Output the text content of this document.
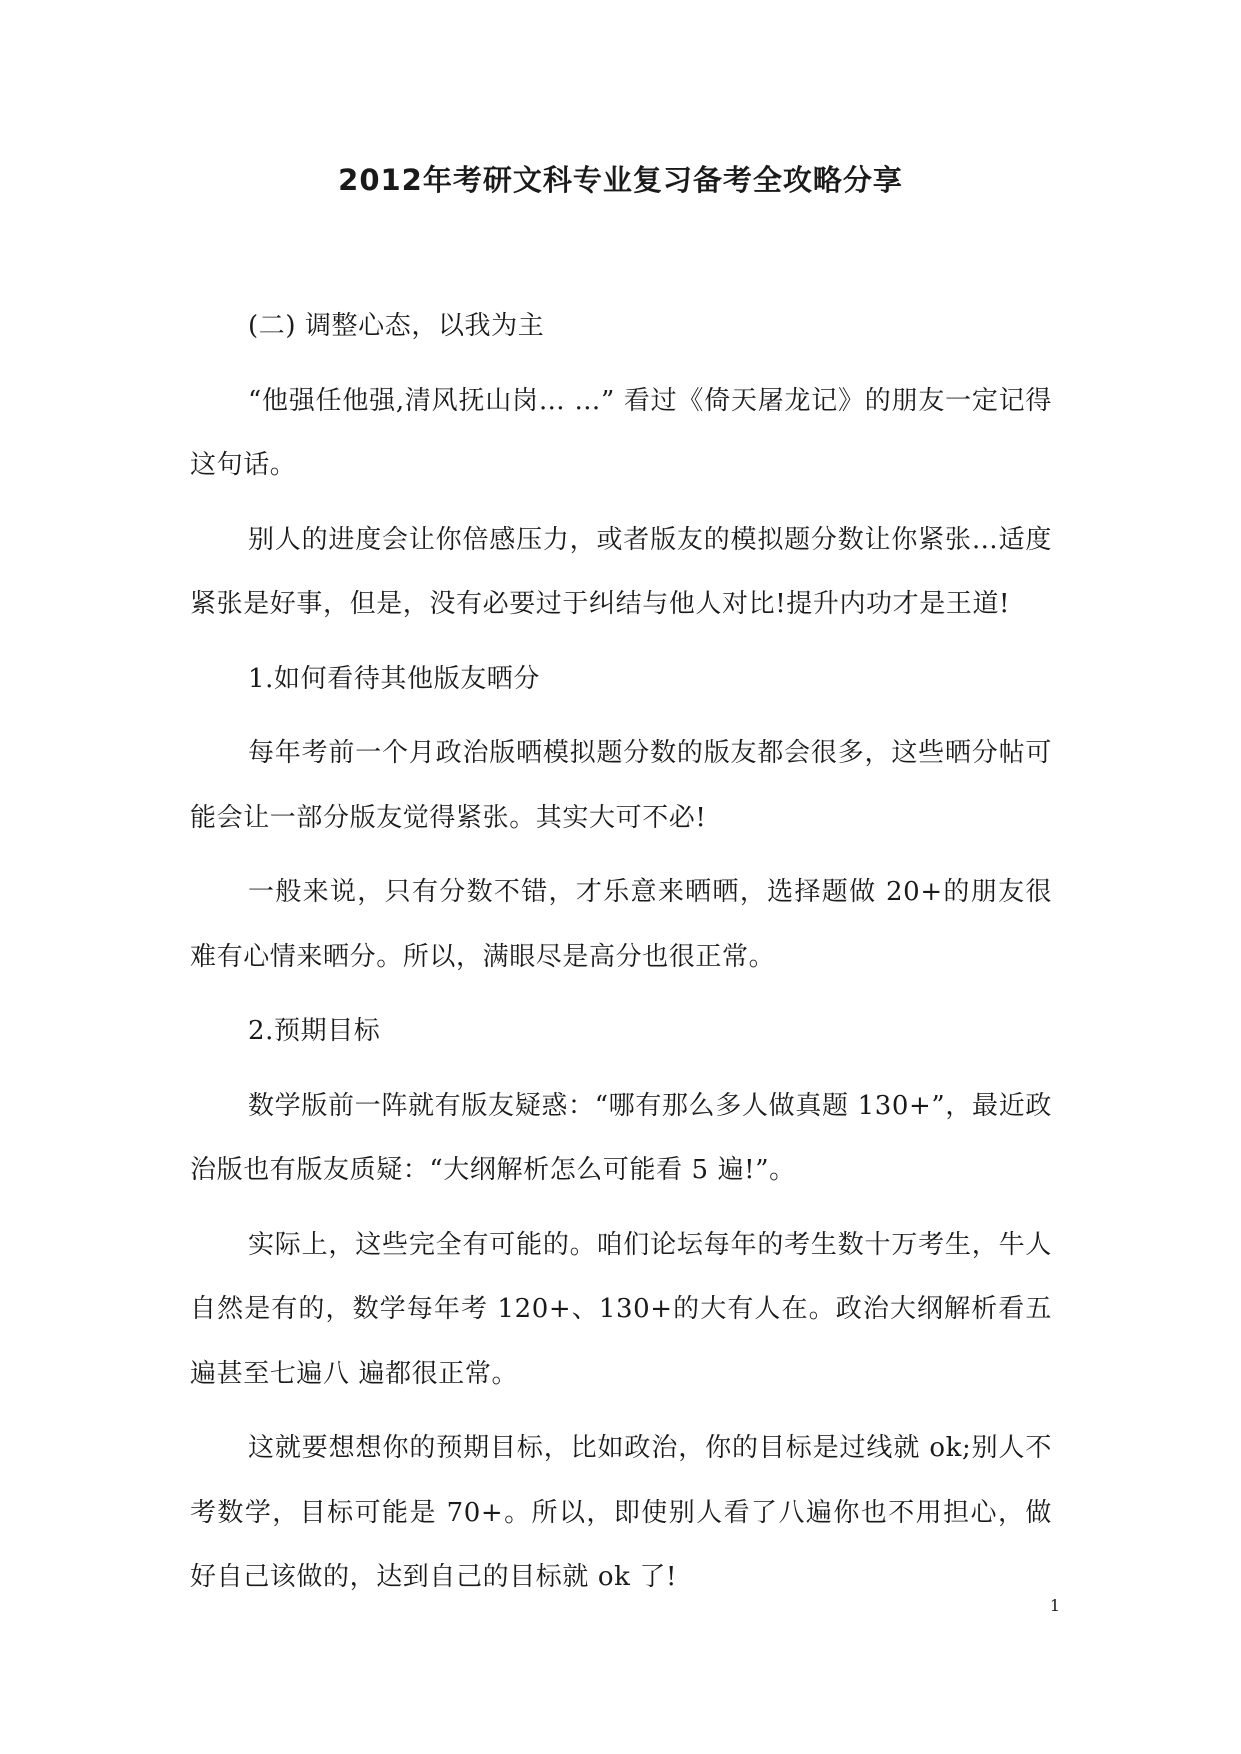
2012年考研文科专业复习备考全攻略分享

(二) 调整心态，以我为主

“他强任他强,清风抚山岗… …” 看过《倚天屠龙记》的朋友一定记得这句话。

别人的进度会让你倍感压力，或者版友的模拟题分数让你紧张…适度紧张是好事，但是，没有必要过于纠结与他人对比!提升内功才是王道!

1.如何看待其他版友晒分

每年考前一个月政治版晒模拟题分数的版友都会很多，这些晒分帖可能会让一部分版友觉得紧张。其实大可不必!

一般来说，只有分数不错，才乐意来晒晒，选择题做 20+的朋友很难有心情来晒分。所以，满眼尽是高分也很正常。

2.预期目标

数学版前一阵就有版友疑惑：“哪有那么多人做真题 130+”，最近政治版也有版友质疑：“大纲解析怎么可能看 5 遍!”。

实际上，这些完全有可能的。咱们论坛每年的考生数十万考生，牛人自然是有的，数学每年考 120+、130+的大有人在。政治大纲解析看五遍甚至七遍八 遍都很正常。

这就要想想你的预期目标，比如政治，你的目标是过线就 ok;别人不考数学，目标可能是 70+。所以，即使别人看了八遍你也不用担心，做好自己该做的，达到自己的目标就 ok 了!

1
